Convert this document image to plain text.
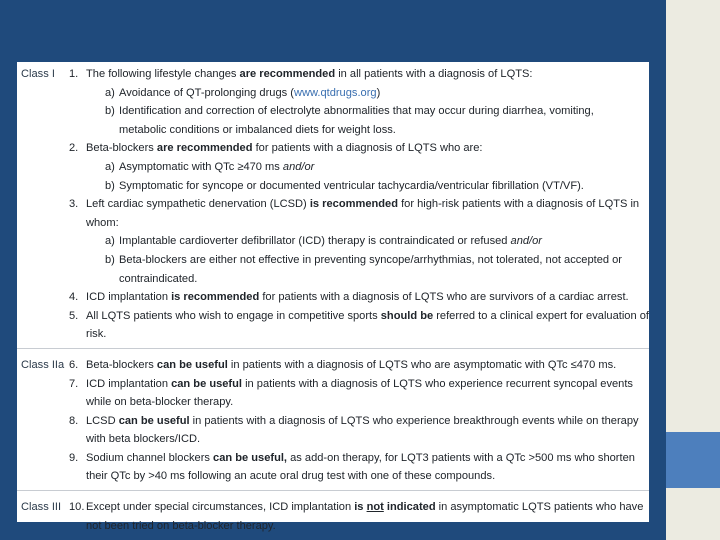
Class I 1. The following lifestyle changes are recommended in all patients with a diagnosis of LQTS:
a) Avoidance of QT-prolonging drugs (www.qtdrugs.org)
b) Identification and correction of electrolyte abnormalities that may occur during diarrhea, vomiting, metabolic conditions or imbalanced diets for weight loss.
2. Beta-blockers are recommended for patients with a diagnosis of LQTS who are:
a) Asymptomatic with QTc ≥470 ms and/or
b) Symptomatic for syncope or documented ventricular tachycardia/ventricular fibrillation (VT/VF).
3. Left cardiac sympathetic denervation (LCSD) is recommended for high-risk patients with a diagnosis of LQTS in whom:
a) Implantable cardioverter defibrillator (ICD) therapy is contraindicated or refused and/or
b) Beta-blockers are either not effective in preventing syncope/arrhythmias, not tolerated, not accepted or contraindicated.
4. ICD implantation is recommended for patients with a diagnosis of LQTS who are survivors of a cardiac arrest.
5. All LQTS patients who wish to engage in competitive sports should be referred to a clinical expert for evaluation of risk.
Class IIa 6. Beta-blockers can be useful in patients with a diagnosis of LQTS who are asymptomatic with QTc ≤470 ms.
7. ICD implantation can be useful in patients with a diagnosis of LQTS who experience recurrent syncopal events while on beta-blocker therapy.
8. LCSD can be useful in patients with a diagnosis of LQTS who experience breakthrough events while on therapy with beta blockers/ICD.
9. Sodium channel blockers can be useful, as add-on therapy, for LQT3 patients with a QTc >500 ms who shorten their QTc by >40 ms following an acute oral drug test with one of these compounds.
Class III 10. Except under special circumstances, ICD implantation is not indicated in asymptomatic LQTS patients who have not been tried on beta-blocker therapy.
